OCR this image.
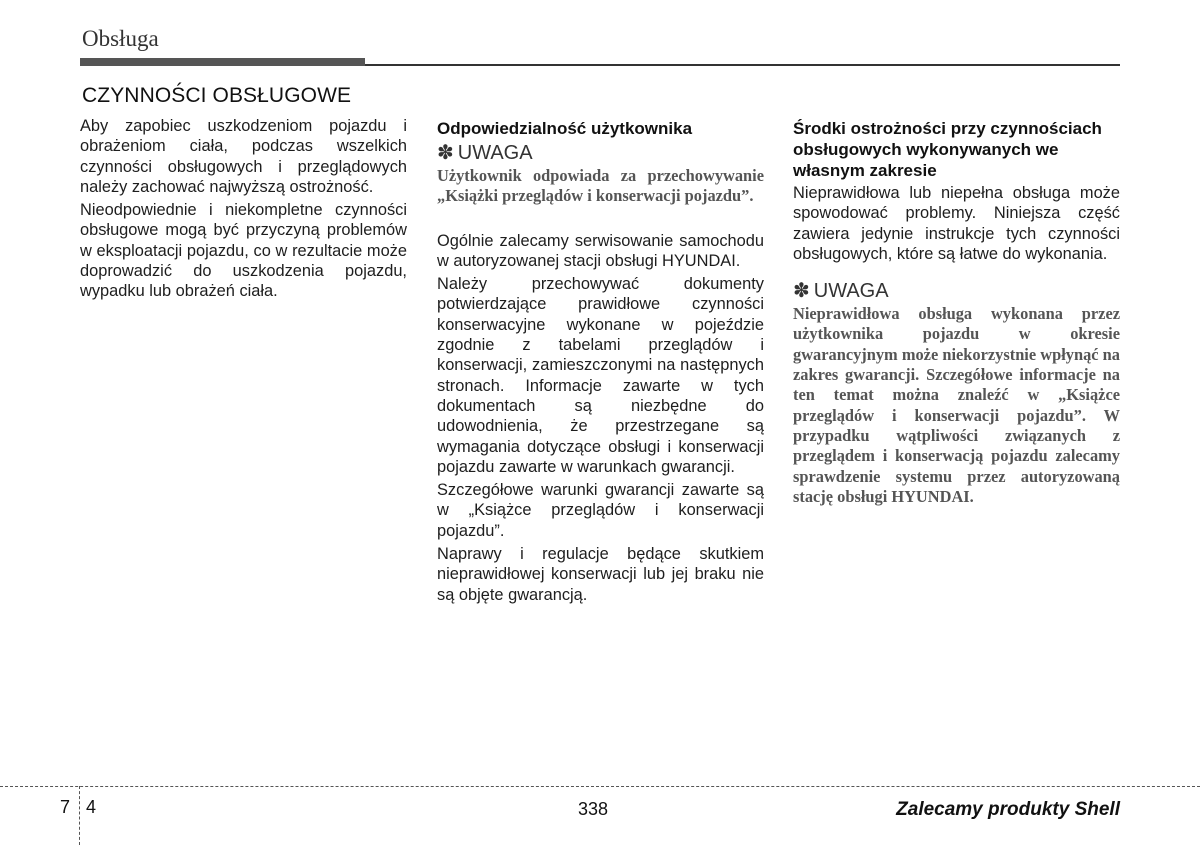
Obsługa
CZYNNOŚCI OBSŁUGOWE

Aby zapobiec uszkodzeniom pojazdu i obrażeniom ciała, podczas wszelkich czynności obsługowych i przeglądowych należy zachować najwyższą ostrożność.

Nieodpowiednie i niekompletne czynności obsługowe mogą być przyczyną problemów w eksploatacji pojazdu, co w rezultacie może doprowadzić do uszkodzenia pojazdu, wypadku lub obrażeń ciała.

Odpowiedzialność użytkownika
✽ UWAGA

Użytkownik odpowiada za przechowywanie „Książki przeglądów i konserwacji pojazdu”.

Ogólnie zalecamy serwisowanie samochodu w autoryzowanej stacji obsługi HYUNDAI.

Należy przechowywać dokumenty potwierdzające prawidłowe czynności konserwacyjne wykonane w pojeździe zgodnie z tabelami przeglądów i konserwacji, zamieszczonymi na następnych stronach. Informacje zawarte w tych dokumentach są niezbędne do udowodnienia, że przestrzegane są wymagania dotyczące obsługi i konserwacji pojazdu zawarte w warunkach gwarancji.

Szczegółowe warunki gwarancji zawarte są w „Książce przeglądów i konserwacji pojazdu”.

Naprawy i regulacje będące skutkiem nieprawidłowej konserwacji lub jej braku nie są objęte gwarancją.

Środki ostrożności przy czynnościach obsługowych wykonywanych we własnym zakresie

Nieprawidłowa lub niepełna obsługa może spowodować problemy. Niniejsza część zawiera jedynie instrukcje tych czynności obsługowych, które są łatwe do wykonania.

✽ UWAGA

Nieprawidłowa obsługa wykonana przez użytkownika pojazdu w okresie gwarancyjnym może niekorzystnie wpłynąć na zakres gwarancji. Szczegółowe informacje na ten temat można znaleźć w „Książce przeglądów i konserwacji pojazdu”. W przypadku wątpliwości związanych z przeglądem i konserwacją pojazdu zalecamy sprawdzenie systemu przez autoryzowaną stację obsługi HYUNDAI.

7 4	338	Zalecamy produkty Shell
